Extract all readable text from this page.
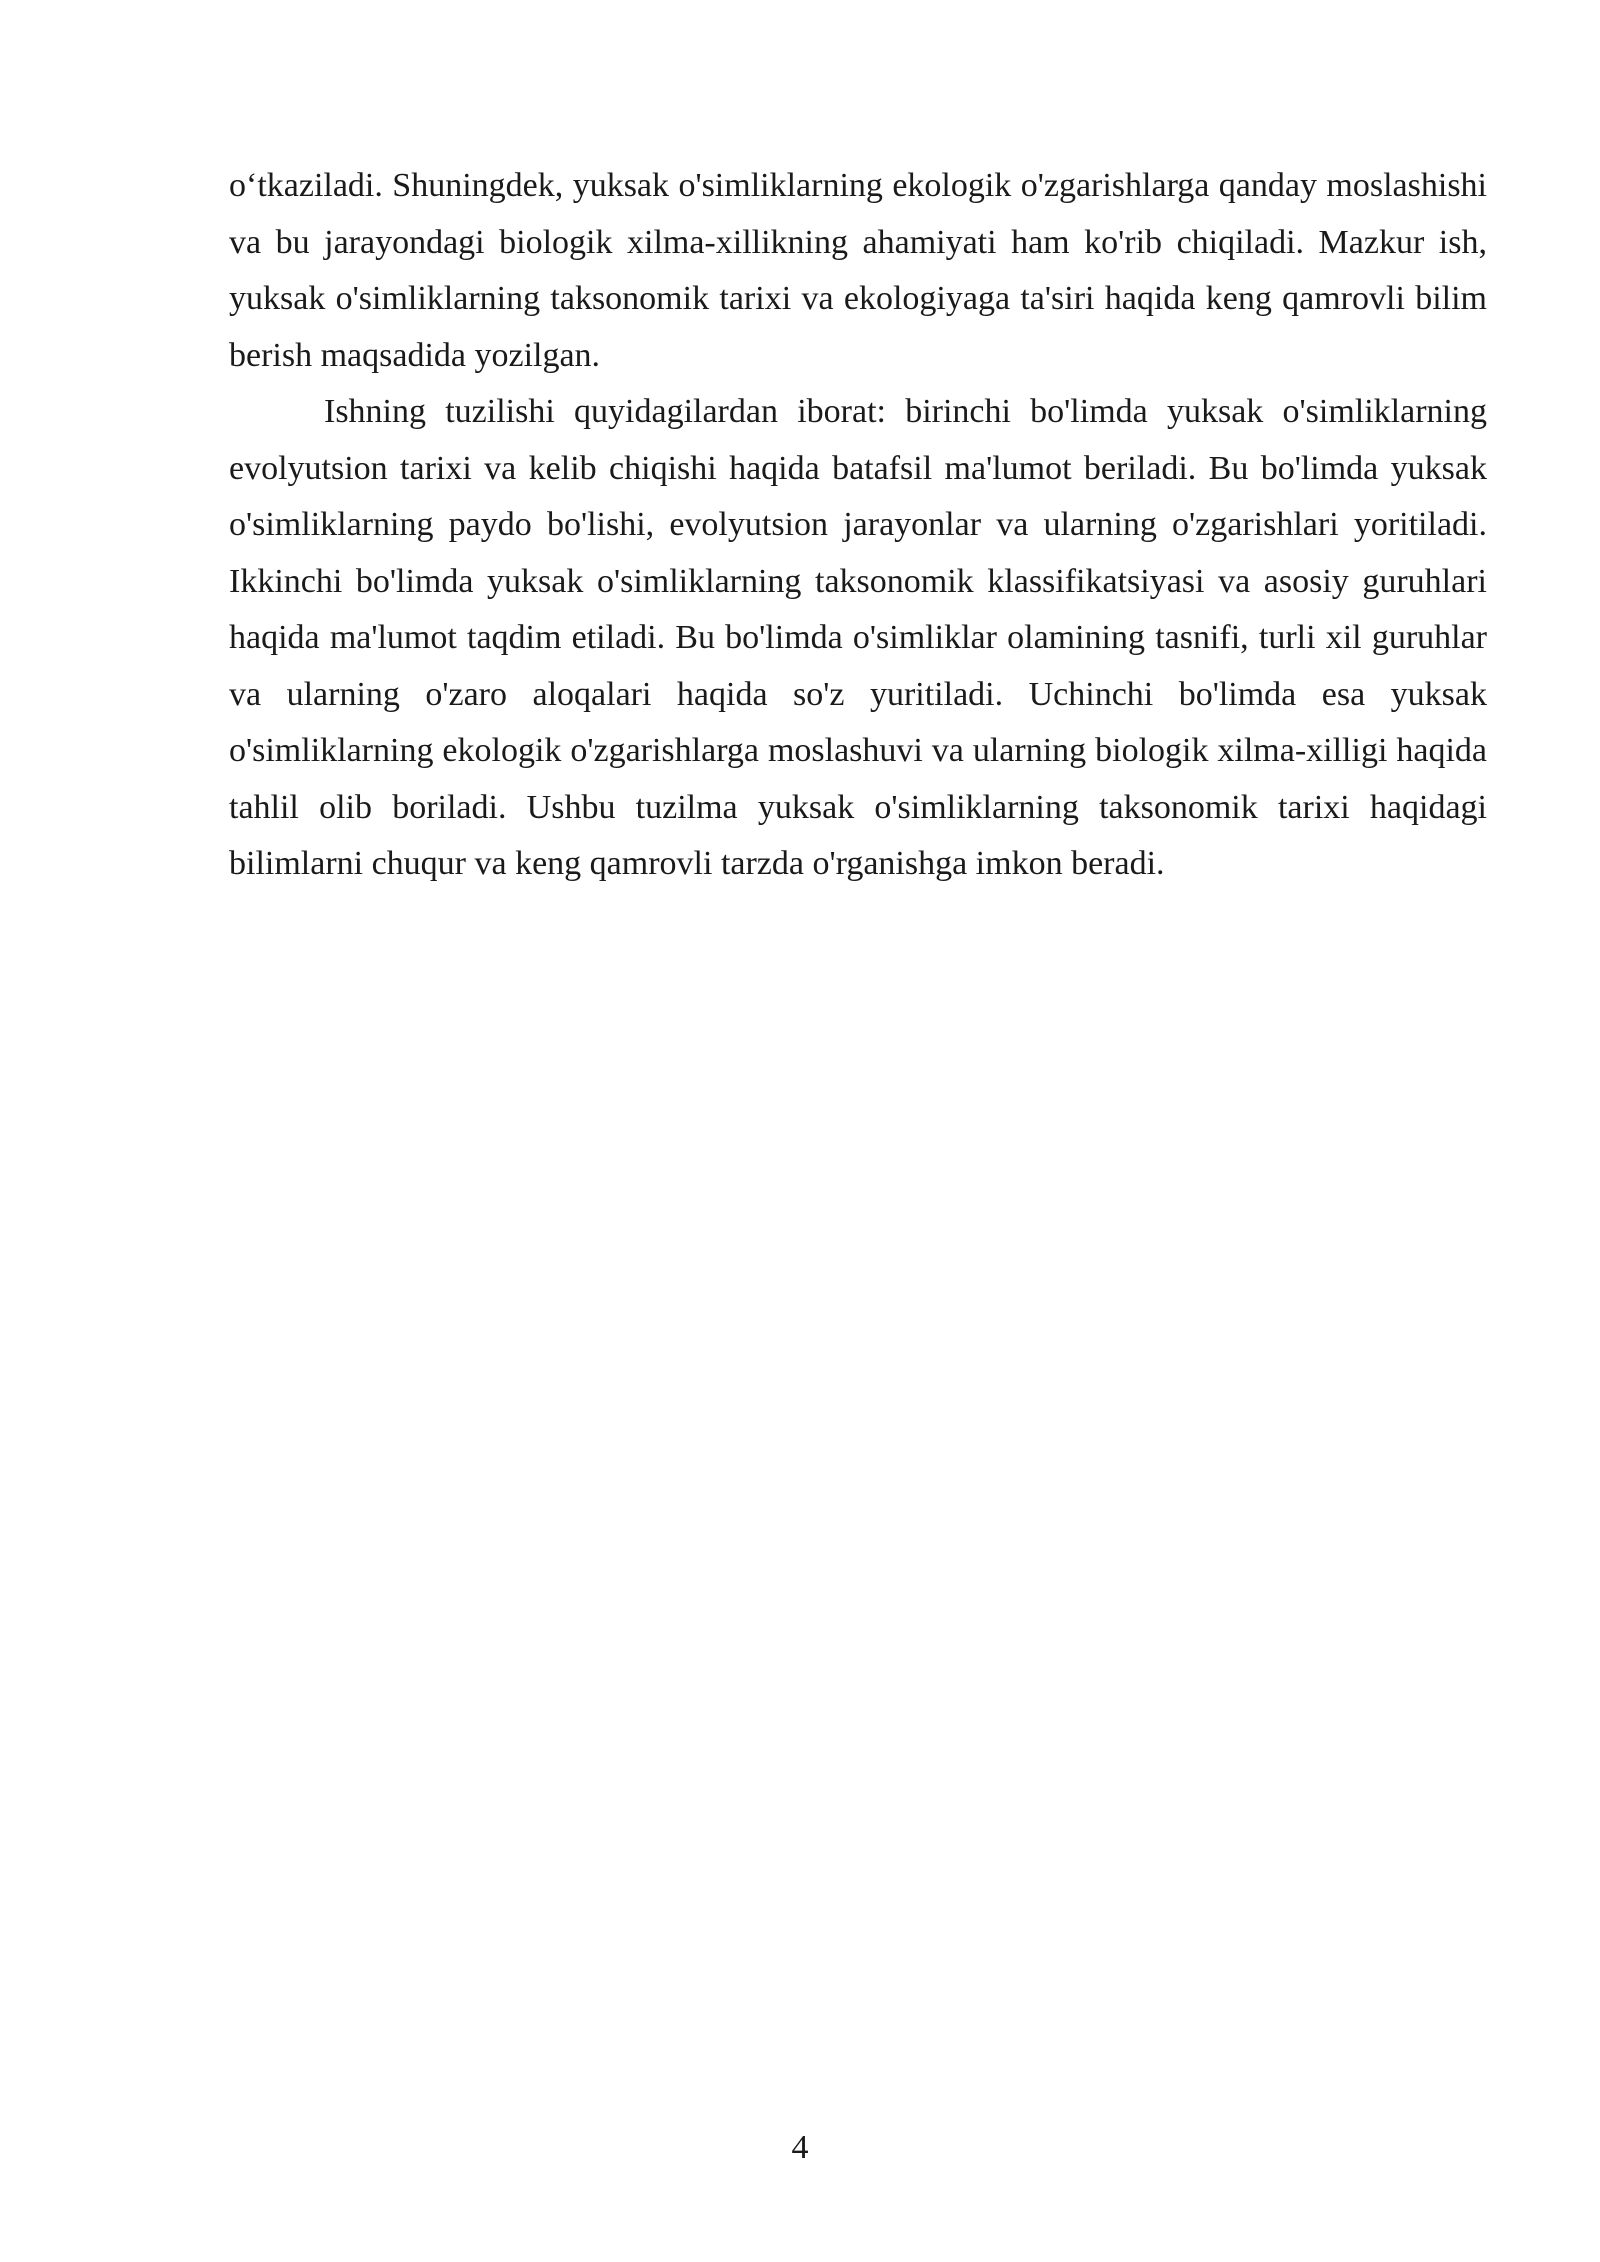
o‘tkaziladi. Shuningdek, yuksak o'simliklarning ekologik o'zgarishlarga qanday moslashishi va bu jarayondagi biologik xilma-xillikning ahamiyati ham ko'rib chiqiladi. Mazkur ish, yuksak o'simliklarning taksonomik tarixi va ekologiyaga ta'siri haqida keng qamrovli bilim berish maqsadida yozilgan.

Ishning tuzilishi quyidagilardan iborat: birinchi bo'limda yuksak o'simliklarning evolyutsion tarixi va kelib chiqishi haqida batafsil ma'lumot beriladi. Bu bo'limda yuksak o'simliklarning paydo bo'lishi, evolyutsion jarayonlar va ularning o'zgarishlari yoritiladi. Ikkinchi bo'limda yuksak o'simliklarning taksonomik klassifikatsiyasi va asosiy guruhlari haqida ma'lumot taqdim etiladi. Bu bo'limda o'simliklar olamining tasnifi, turli xil guruhlar va ularning o'zaro aloqalari haqida so'z yuritiladi. Uchinchi bo'limda esa yuksak o'simliklarning ekologik o'zgarishlarga moslashuvi va ularning biologik xilma-xilligi haqida tahlil olib boriladi. Ushbu tuzilma yuksak o'simliklarning taksonomik tarixi haqidagi bilimlarni chuqur va keng qamrovli tarzda o'rganishga imkon beradi.

4
